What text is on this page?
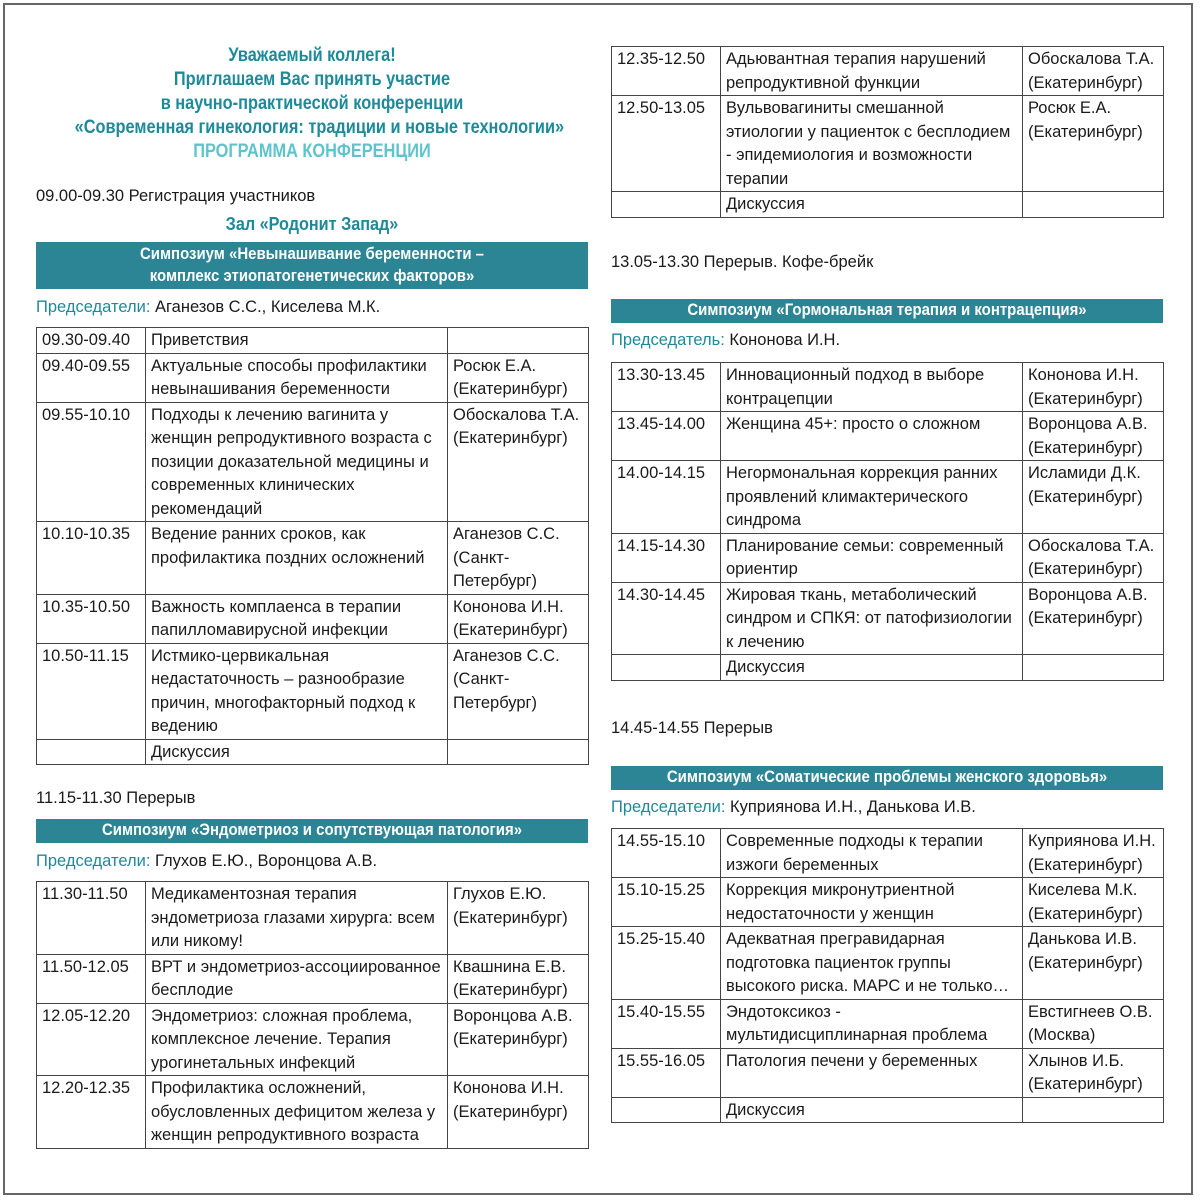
Уважаемый коллега!
Приглашаем Вас принять участие
в научно-практической конференции
«Современная гинекология: традиции и новые технологии»
ПРОГРАММА КОНФЕРЕНЦИИ
09.00-09.30 Регистрация участников
Зал «Родонит Запад»
Симпозиум «Невынашивание беременности –
комплекс этиопатогенетических факторов»
Председатели: Аганезов С.С., Киселева М.К.
09.30-09.40	Приветствия	
09.40-09.55	Актуальные способы профилактики невынашивания беременности	Росюк Е.А. (Екатеринбург)
09.55-10.10	Подходы к лечению вагинита у женщин репродуктивного возраста с позиции доказательной медицины и современных клинических рекомендаций	Обоскалова Т.А. (Екатеринбург)
10.10-10.35	Ведение ранних сроков, как профилактика поздних осложнений	Аганезов С.С. (Санкт-Петербург)
10.35-10.50	Важность комплаенса в терапии папилломавирусной инфекции	Кононова И.Н. (Екатеринбург)
10.50-11.15	Истмико-цервикальная недастаточность – разнообразие причин, многофакторный подход к ведению	Аганезов С.С. (Санкт-Петербург)
	Дискуссия	
11.15-11.30 Перерыв
Симпозиум «Эндометриоз и сопутствующая патология»
Председатели: Глухов Е.Ю., Воронцова А.В.
11.30-11.50	Медикаментозная терапия эндометриоза глазами хирурга: всем или никому!	Глухов Е.Ю. (Екатеринбург)
11.50-12.05	ВРТ и эндометриоз-ассоциированное бесплодие	Квашнина Е.В. (Екатеринбург)
12.05-12.20	Эндометриоз: сложная проблема, комплексное лечение. Терапия урогинетальных инфекций	Воронцова А.В. (Екатеринбург)
12.20-12.35	Профилактика осложнений, обусловленных дефицитом железа у женщин репродуктивного возраста	Кононова И.Н. (Екатеринбург)
12.35-12.50	Адьювантная терапия нарушений репродуктивной функции	Обоскалова Т.А. (Екатеринбург)
12.50-13.05	Вульвовагиниты смешанной этиологии у пациенток с бесплодием - эпидемиология и возможности терапии	Росюк Е.А. (Екатеринбург)
	Дискуссия	
13.05-13.30 Перерыв. Кофе-брейк
Симпозиум «Гормональная терапия и контрацепция»
Председатель: Кононова И.Н.
13.30-13.45	Инновационный подход в выборе контрацепции	Кононова И.Н. (Екатеринбург)
13.45-14.00	Женщина 45+: просто о сложном	Воронцова А.В. (Екатеринбург)
14.00-14.15	Негормональная коррекция ранних проявлений климактерического синдрома	Исламиди Д.К. (Екатеринбург)
14.15-14.30	Планирование семьи: современный ориентир	Обоскалова Т.А. (Екатеринбург)
14.30-14.45	Жировая ткань, метаболический синдром и СПКЯ: от патофизиологии к лечению	Воронцова А.В. (Екатеринбург)
	Дискуссия	
14.45-14.55 Перерыв
Симпозиум «Соматические проблемы женского здоровья»
Председатели: Куприянова И.Н., Данькова И.В.
14.55-15.10	Современные подходы к терапии изжоги беременных	Куприянова И.Н. (Екатеринбург)
15.10-15.25	Коррекция микронутриентной недостаточности у женщин	Киселева М.К. (Екатеринбург)
15.25-15.40	Адекватная прегравидарная подготовка пациенток группы высокого риска. МАРС и не только…	Данькова И.В. (Екатеринбург)
15.40-15.55	Эндотоксикоз - мультидисциплинарная проблема	Евстигнеев О.В. (Москва)
15.55-16.05	Патология печени у беременных	Хлынов И.Б. (Екатеринбург)
	Дискуссия	
